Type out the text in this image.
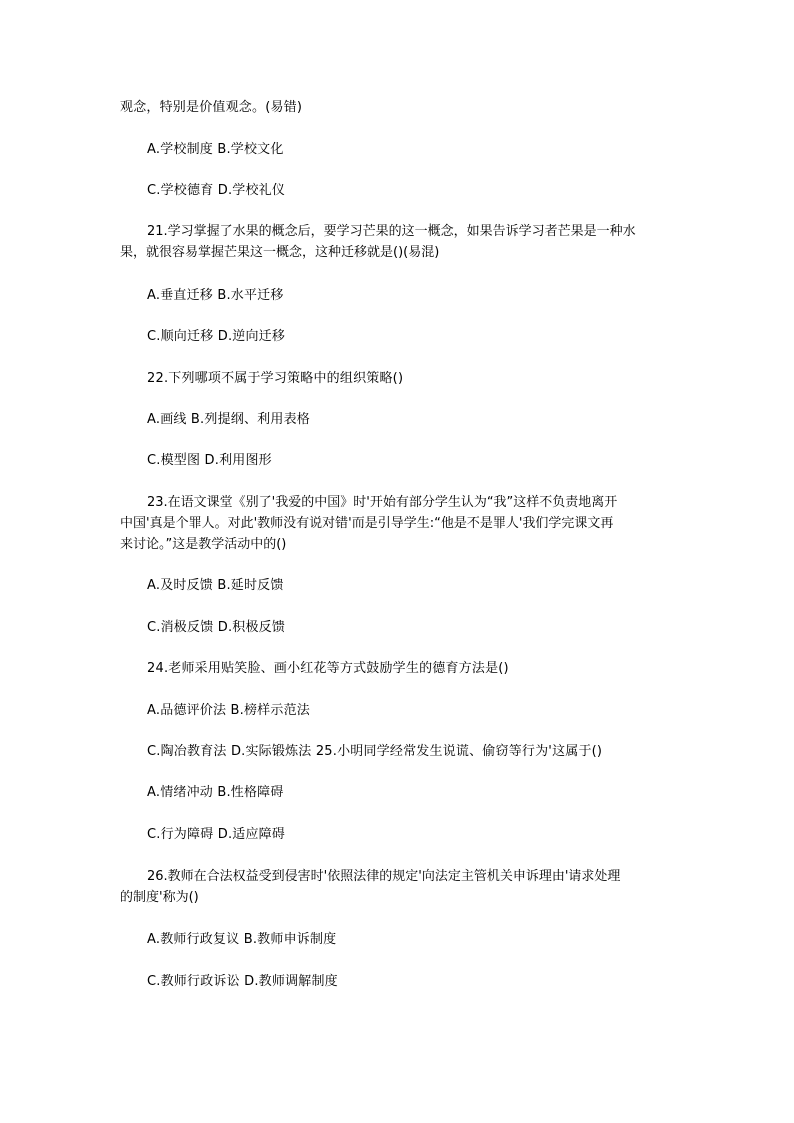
观念，特别是价值观念。(易错)
A.学校制度 B.学校文化
C.学校德育 D.学校礼仪
21.学习掌握了水果的概念后，要学习芒果的这一概念，如果告诉学习者芒果是一种水
果，就很容易掌握芒果这一概念，这种迁移就是()(易混)
A.垂直迁移 B.水平迁移
C.顺向迁移 D.逆向迁移
22.下列哪项不属于学习策略中的组织策略()
A.画线 B.列提纲、利用表格
C.模型图 D.利用图形
23.在语文课堂《别了'我爱的中国》时'开始有部分学生认为“我”这样不负责地离开
中国'真是个罪人。对此'教师没有说对错'而是引导学生:“他是不是罪人'我们学完课文再
来讨论。”这是教学活动中的()
A.及时反馈 B.延时反馈
C.消极反馈 D.积极反馈
24.老师采用贴笑脸、画小红花等方式鼓励学生的德育方法是()
A.品德评价法 B.榜样示范法
C.陶冶教育法 D.实际锻炼法 25.小明同学经常发生说谎、偷窃等行为'这属于()
A.情绪冲动 B.性格障碍
C.行为障碍 D.适应障碍
26.教师在合法权益受到侵害时'依照法律的规定'向法定主管机关申诉理由'请求处理
的制度'称为()
A.教师行政复议 B.教师申诉制度
C.教师行政诉讼 D.教师调解制度
